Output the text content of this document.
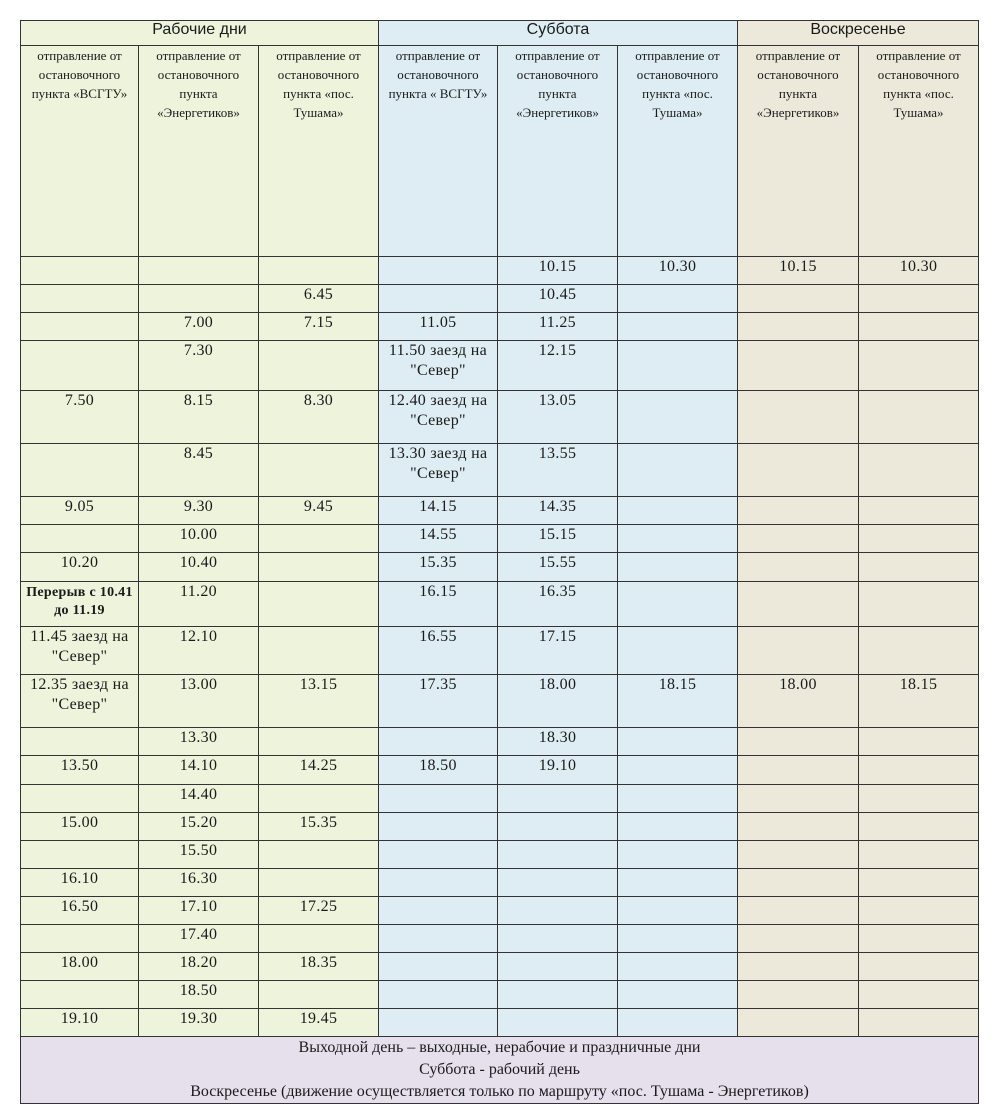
Рабочие дни			Суббота			Воскресенье	
отправление от остановочного пункта «ВСГТУ»	отправление от остановочного пункта «Энергетиков»	отправление от остановочного пункта «пос. Тушама»	отправление от остановочного пункта « ВСГТУ»	отправление от остановочного пункта «Энергетиков»	отправление от остановочного пункта «пос. Тушама»	отправление от остановочного пункта «Энергетиков»	отправление от остановочного пункта «пос. Тушама»
				10.15	10.30	10.15	10.30
		6.45		10.45			
	7.00	7.15	11.05	11.25			
	7.30		11.50 заезд на "Север"	12.15			
7.50	8.15	8.30	12.40 заезд на "Север"	13.05			
	8.45		13.30 заезд на "Север"	13.55			
9.05	9.30	9.45	14.15	14.35			
	10.00		14.55	15.15			
10.20	10.40		15.35	15.55			
Перерыв с 10.41 до 11.19	11.20		16.15	16.35			
11.45 заезд на "Север"	12.10		16.55	17.15			
12.35 заезд на "Север"	13.00	13.15	17.35	18.00	18.15	18.00	18.15
	13.30			18.30			
13.50	14.10	14.25	18.50	19.10			
	14.40						
15.00	15.20	15.35					
	15.50						
16.10	16.30						
16.50	17.10	17.25					
	17.40						
18.00	18.20	18.35					
	18.50						
19.10	19.30	19.45					

Выходной день – выходные, нерабочие и праздничные дни
Суббота - рабочий день
Воскресенье (движение осуществляется только по маршруту «пос. Тушама - Энергетиков)							
